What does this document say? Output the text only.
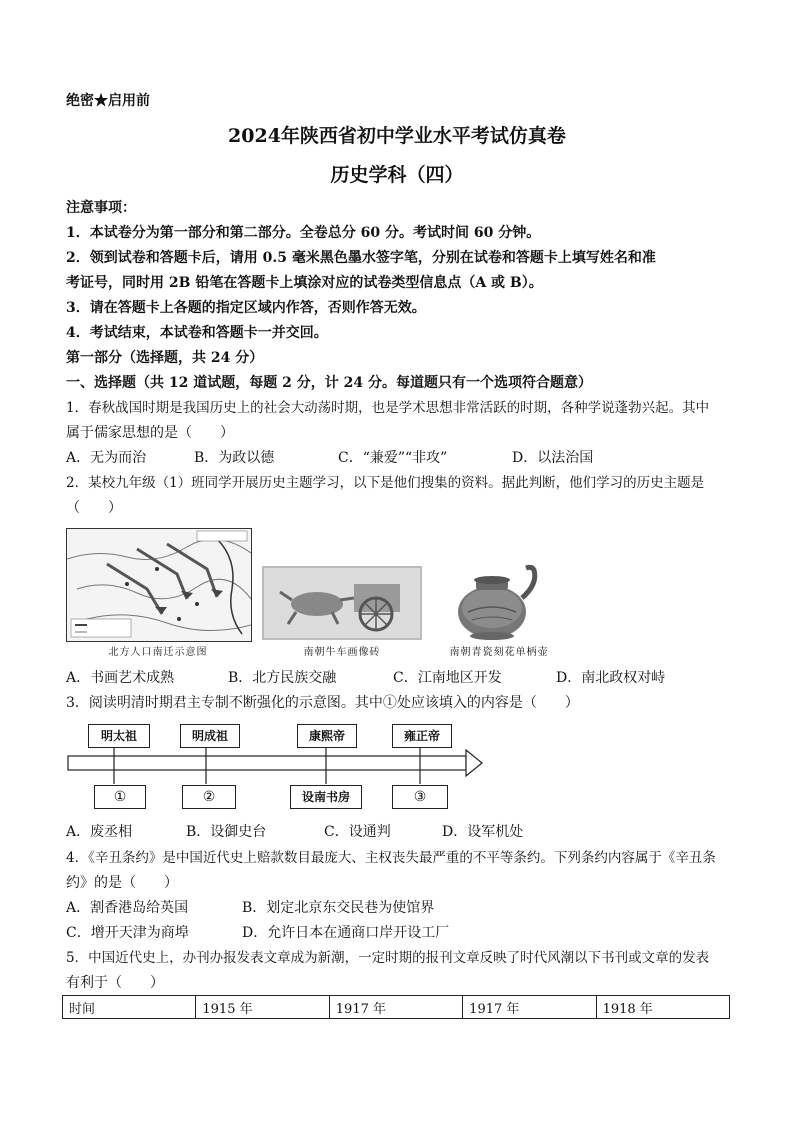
绝密★启用前
2024年陕西省初中学业水平考试仿真卷
历史学科（四）
注意事项：
1．本试卷分为第一部分和第二部分。全卷总分 60 分。考试时间 60 分钟。
2．领到试卷和答题卡后，请用 0.5 毫米黑色墨水签字笔，分别在试卷和答题卡上填写姓名和准
考证号，同时用 2B 铅笔在答题卡上填涂对应的试卷类型信息点（A 或 B）。
3．请在答题卡上各题的指定区域内作答，否则作答无效。
4．考试结束，本试卷和答题卡一并交回。
第一部分（选择题，共 24 分）
一、选择题（共 12 道试题，每题 2 分，计 24 分。每道题只有一个选项符合题意）
1．春秋战国时期是我国历史上的社会大动荡时期，也是学术思想非常活跃的时期，各种学说蓬勃兴起。其中
属于儒家思想的是（　　）
A．无为而治	B．为政以德	C．“兼爱”“非攻”	D．以法治国
2．某校九年级（1）班同学开展历史主题学习，以下是他们搜集的资料。据此判断，他们学习的历史主题是
（　　）
北方人口南迁示意图	南朝牛车画像砖	南朝青瓷刻花单柄壶
A．书画艺术成熟	B．北方民族交融	C．江南地区开发	D．南北政权对峙
3．阅读明清时期君主专制不断强化的示意图。其中①处应该填入的内容是（　　）
明太祖	明成祖	康熙帝	雍正帝
①	②	设南书房	③
A．废丞相	B．设御史台	C．设通判	D．设军机处
4．《辛丑条约》是中国近代史上赔款数目最庞大、主权丧失最严重的不平等条约。下列条约内容属于《辛丑条
约》的是（　　）
A．割香港岛给英国	B．划定北京东交民巷为使馆界
C．增开天津为商埠	D．允许日本在通商口岸开设工厂
5．中国近代史上，办刊办报发表文章成为新潮，一定时期的报刊文章反映了时代风潮以下书刊或文章的发表
有利于（　　）
时间	1915 年	1917 年	1917 年	1918 年
